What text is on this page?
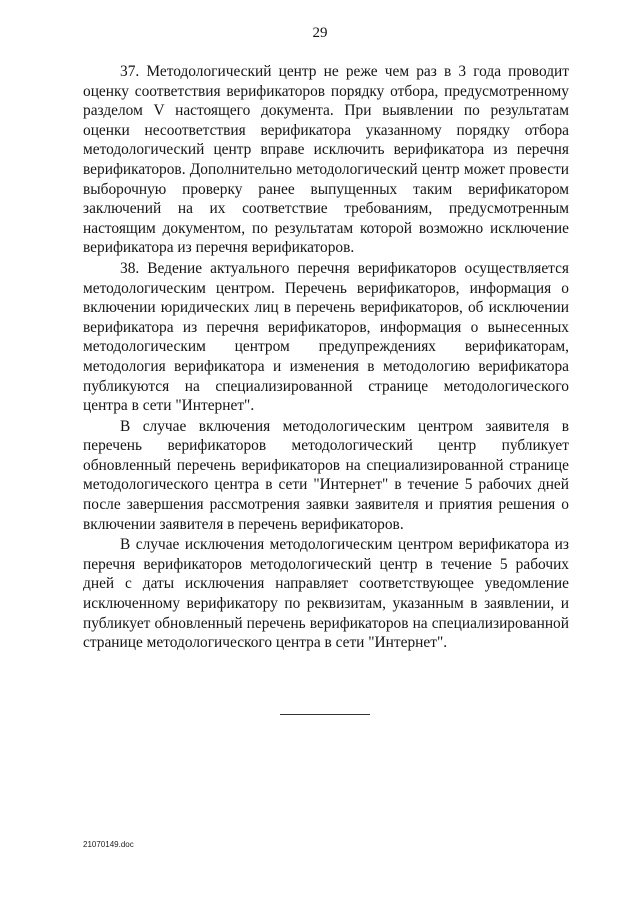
29

37. Методологический центр не реже чем раз в 3 года проводит оценку соответствия верификаторов порядку отбора, предусмотренному разделом V настоящего документа. При выявлении по результатам оценки несоответствия верификатора указанному порядку отбора методологический центр вправе исключить верификатора из перечня верификаторов. Дополнительно методологический центр может провести выборочную проверку ранее выпущенных таким верификатором заключений на их соответствие требованиям, предусмотренным настоящим документом, по результатам которой возможно исключение верификатора из перечня верификаторов.

38. Ведение актуального перечня верификаторов осуществляется методологическим центром. Перечень верификаторов, информация о включении юридических лиц в перечень верификаторов, об исключении верификатора из перечня верификаторов, информация о вынесенных методологическим центром предупреждениях верификаторам, методология верификатора и изменения в методологию верификатора публикуются на специализированной странице методологического центра в сети "Интернет".

В случае включения методологическим центром заявителя в перечень верификаторов методологический центр публикует обновленный перечень верификаторов на специализированной странице методологического центра в сети "Интернет" в течение 5 рабочих дней после завершения рассмотрения заявки заявителя и приятия решения о включении заявителя в перечень верификаторов.

В случае исключения методологическим центром верификатора из перечня верификаторов методологический центр в течение 5 рабочих дней с даты исключения направляет соответствующее уведомление исключенному верификатору по реквизитам, указанным в заявлении, и публикует обновленный перечень верификаторов на специализированной странице методологического центра в сети "Интернет".

21070149.doc
